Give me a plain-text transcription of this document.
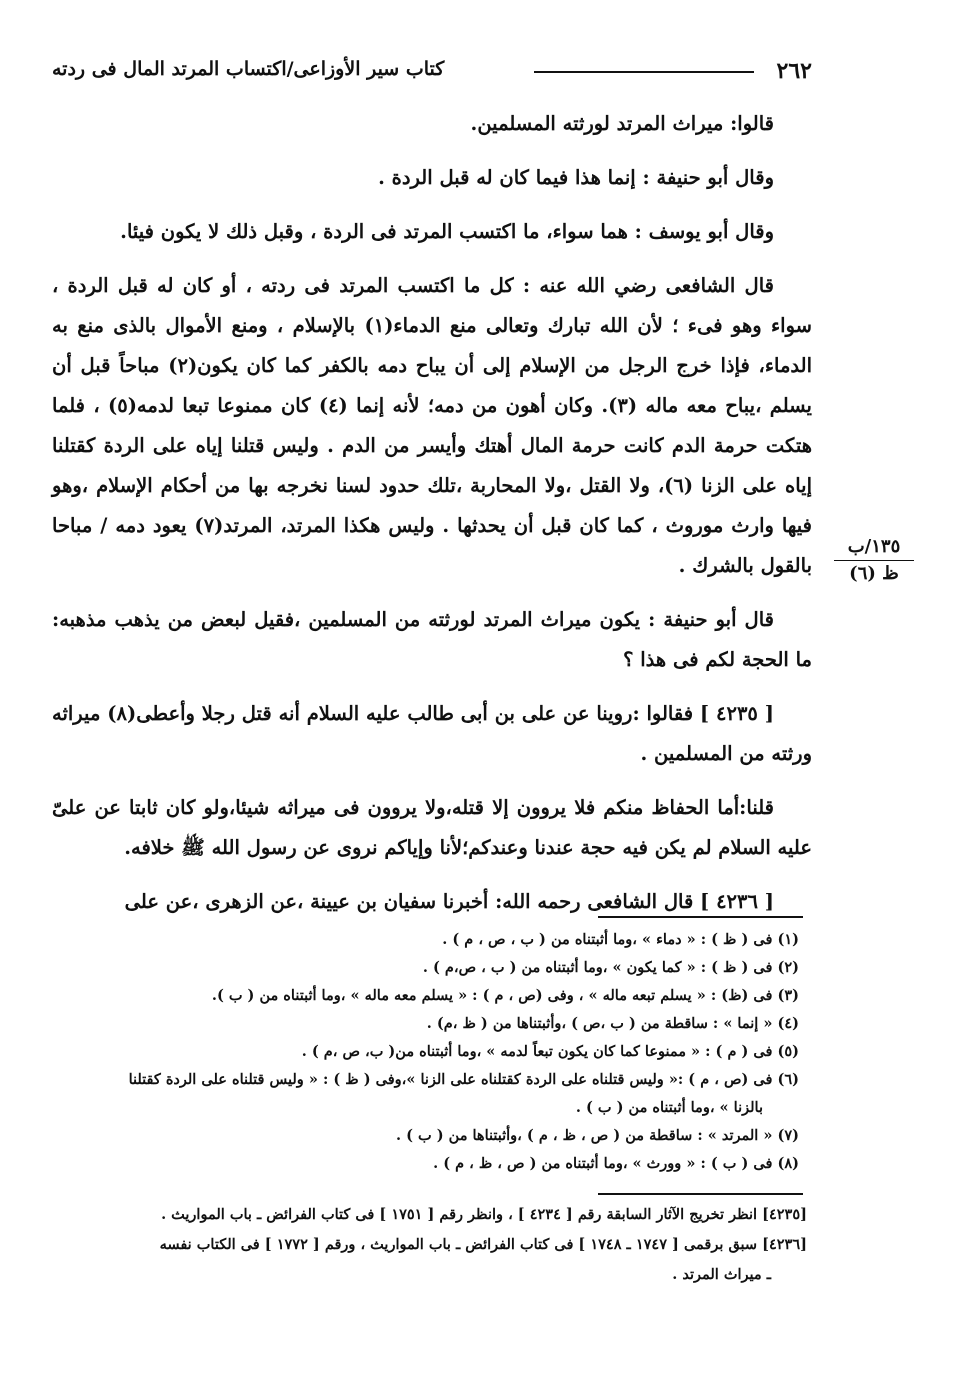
٢٦٢
كتاب سير الأوزاعى/اكتساب المرتد المال فى ردته

قالوا: ميراث المرتد لورثته المسلمين.

وقال أبو حنيفة : إنما هذا فيما كان له قبل الردة .

وقال أبو يوسف : هما سواء، ما اكتسب المرتد فى الردة ، وقبل ذلك لا يكون فيئا.

قال الشافعى رضي الله عنه : كل ما اكتسب المرتد فى ردته ، أو كان له قبل الردة ، سواء وهو فىء ؛ لأن الله تبارك وتعالى منع الدماء(١) بالإسلام ، ومنع الأموال بالذى منع به الدماء، فإذا خرج الرجل من الإسلام إلى أن يباح دمه بالكفر كما كان يكون(٢) مباحاً قبل أن يسلم ،يباح معه ماله (٣). وكان أهون من دمه؛ لأنه إنما (٤) كان ممنوعا تبعا لدمه(٥) ، فلما هتكت حرمة الدم كانت حرمة المال أهتك وأيسر من الدم . وليس قتلنا إياه على الردة كقتلنا إياه على الزنا (٦)، ولا القتل ،ولا المحاربة ،تلك حدود لسنا نخرجه بها من أحكام الإسلام ،وهو فيها وارث موروث ، كما كان قبل أن يحدثها . وليس هكذا المرتد، المرتد(٧) يعود دمه / مباحا بالقول بالشرك .

قال أبو حنيفة : يكون ميراث المرتد لورثته من المسلمين ،فقيل لبعض من يذهب مذهبه: ما الحجة لكم فى هذا ؟

[ ٤٢٣٥ ] فقالوا :روينا عن على بن أبى طالب عليه السلام أنه قتل رجلا وأعطى(٨) ميراثه ورثته من المسلمين .

قلنا:أما الحفاظ منكم فلا يروون إلا قتله،ولا يروون فى ميراثه شيئا،ولو كان ثابتا عن علىّ عليه السلام لم يكن فيه حجة عندنا وعندكم؛لأنا وإياكم نروى عن رسول الله ﷺ خلافه.

[ ٤٢٣٦ ] قال الشافعى رحمه الله: أخبرنا سفيان بن عيينة ،عن الزهرى ،عن على

١٣٥/ب
ظ (٦)

(١) فى ( ظ ) : « دماء » ،وما أثبتناه من ( ب ، ص ، م ) .

(٢) فى ( ظ ) : « كما يكون » ،وما أثبتناه من ( ب ، ص،م ) .

(٣) فى (ظ) : « يسلم تبعه ماله » ، وفى (ص ، م ) : « يسلم معه ماله » ،وما أثبتناه من ( ب ).

(٤) « إنما » : ساقطة من ( ب ،ص ) ،وأثبتناها من ( ظ ،م) .

(٥) فى ( م ) : « ممنوعا كما كان يكون تبعاً لدمه » ،وما أثبتناه من( ب، ص ،م ) .

(٦) فى (ص ، م ) :« وليس قتلناه على الردة كقتلناه على الزنا »،وفى ( ظ ) : « وليس قتلناه على الردة كقتلنا

بالزنا » ،وما أثبتناه من ( ب ) .

(٧) « المرتد » : ساقطة من ( ص ، ظ ، م ) ،وأثبتناها من ( ب ) .

(٨) فى ( ب ) : « وورث » ،وما أثبتناه من ( ص ، ظ ، م ) .

[٤٢٣٥] انظر تخريج الآثار السابقة رقم [ ٤٢٣٤ ] ، وانظر رقم [ ١٧٥١ ] فى كتاب الفرائض ـ باب المواريث .

[٤٢٣٦] سبق برقمى [ ١٧٤٧ ـ ١٧٤٨ ] فى كتاب الفرائض ـ باب المواريث ، ورقم [ ١٧٧٢ ] فى الكتاب نفسه

ـ ميراث المرتد .
